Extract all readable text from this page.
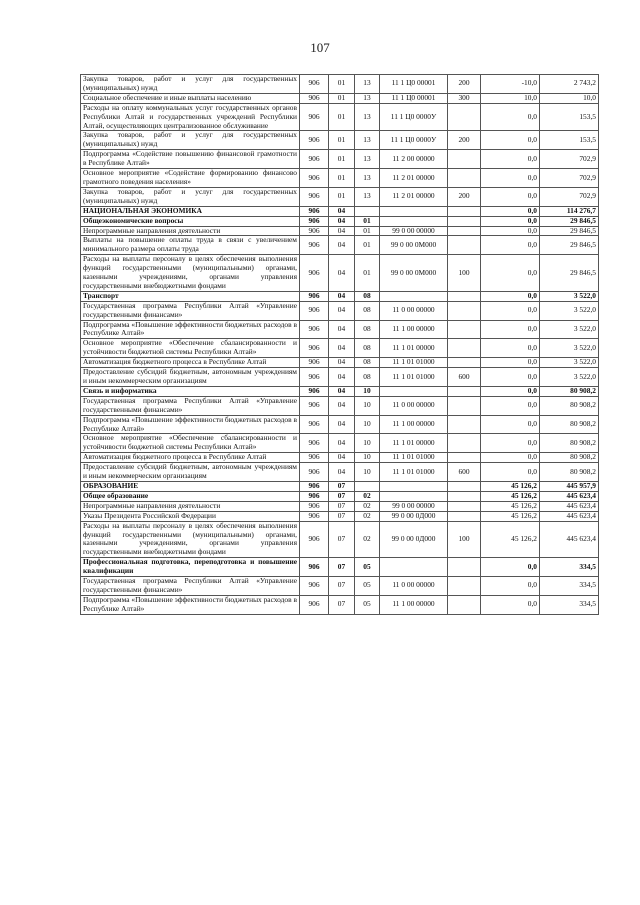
107
Закупка товаров, работ и услуг для государственных (муниципальных) нужд	906	01	13	11 1 Ц0 00001	200	-10,0	2 743,2
Социальное обеспечение и иные выплаты населению	906	01	13	11 1 Ц0 00001	300	10,0	10,0
Расходы на оплату коммунальных услуг государственных органов Республики Алтай и государственных учреждений Республики Алтай, осуществляющих централизованное обслуживание	906	01	13	11 1 Ц0 0000У		0,0	153,5
Закупка товаров, работ и услуг для государственных (муниципальных) нужд	906	01	13	11 1 Ц0 0000У	200	0,0	153,5
Подпрограмма «Содействие повышению финансовой грамотности в Республике Алтай»	906	01	13	11 2 00 00000		0,0	702,9
Основное мероприятие «Содействие формированию финансово грамотного поведения населения»	906	01	13	11 2 01 00000		0,0	702,9
Закупка товаров, работ и услуг для государственных (муниципальных) нужд	906	01	13	11 2 01 00000	200	0,0	702,9
НАЦИОНАЛЬНАЯ ЭКОНОМИКА	906	04				0,0	114 276,7
Общеэкономические вопросы	906	04	01			0,0	29 846,5
Непрограммные направления деятельности	906	04	01	99 0 00 00000		0,0	29 846,5
Выплаты на повышение оплаты труда в связи с увеличением минимального размера оплаты труда	906	04	01	99 0 00 0М000		0,0	29 846,5
Расходы на выплаты персоналу в целях обеспечения выполнения функций государственными (муниципальными) органами, казенными учреждениями, органами управления государственными внебюджетными фондами	906	04	01	99 0 00 0М000	100	0,0	29 846,5
Транспорт	906	04	08			0,0	3 522,0
Государственная программа Республики Алтай «Управление государственными финансами»	906	04	08	11 0 00 00000		0,0	3 522,0
Подпрограмма «Повышение эффективности бюджетных расходов в Республике Алтай»	906	04	08	11 1 00 00000		0,0	3 522,0
Основное мероприятие «Обеспечение сбалансированности и устойчивости бюджетной системы Республики Алтай»	906	04	08	11 1 01 00000		0,0	3 522,0
Автоматизация бюджетного процесса в Республике Алтай	906	04	08	11 1 01 01000		0,0	3 522,0
Предоставление субсидий бюджетным, автономным учреждениям и иным некоммерческим организациям	906	04	08	11 1 01 01000	600	0,0	3 522,0
Связь и информатика	906	04	10			0,0	80 908,2
Государственная программа Республики Алтай «Управление государственными финансами»	906	04	10	11 0 00 00000		0,0	80 908,2
Подпрограмма «Повышение эффективности бюджетных расходов в Республике Алтай»	906	04	10	11 1 00 00000		0,0	80 908,2
Основное мероприятие «Обеспечение сбалансированности и устойчивости бюджетной системы Республики Алтай»	906	04	10	11 1 01 00000		0,0	80 908,2
Автоматизация бюджетного процесса в Республике Алтай	906	04	10	11 1 01 01000		0,0	80 908,2
Предоставление субсидий бюджетным, автономным учреждениям и иным некоммерческим организациям	906	04	10	11 1 01 01000	600	0,0	80 908,2
ОБРАЗОВАНИЕ	906	07				45 126,2	445 957,9
Общее образование	906	07	02			45 126,2	445 623,4
Непрограммные направления деятельности	906	07	02	99 0 00 00000		45 126,2	445 623,4
Указы Президента Российской Федерации	906	07	02	99 0 00 0Д000		45 126,2	445 623,4
Расходы на выплаты персоналу в целях обеспечения выполнения функций государственными (муниципальными) органами, казенными учреждениями, органами управления государственными внебюджетными фондами	906	07	02	99 0 00 0Д000	100	45 126,2	445 623,4
Профессиональная подготовка, переподготовка и повышение квалификации	906	07	05			0,0	334,5
Государственная программа Республики Алтай «Управление государственными финансами»	906	07	05	11 0 00 00000		0,0	334,5
Подпрограмма «Повышение эффективности бюджетных расходов в Республике Алтай»	906	07	05	11 1 00 00000		0,0	334,5
